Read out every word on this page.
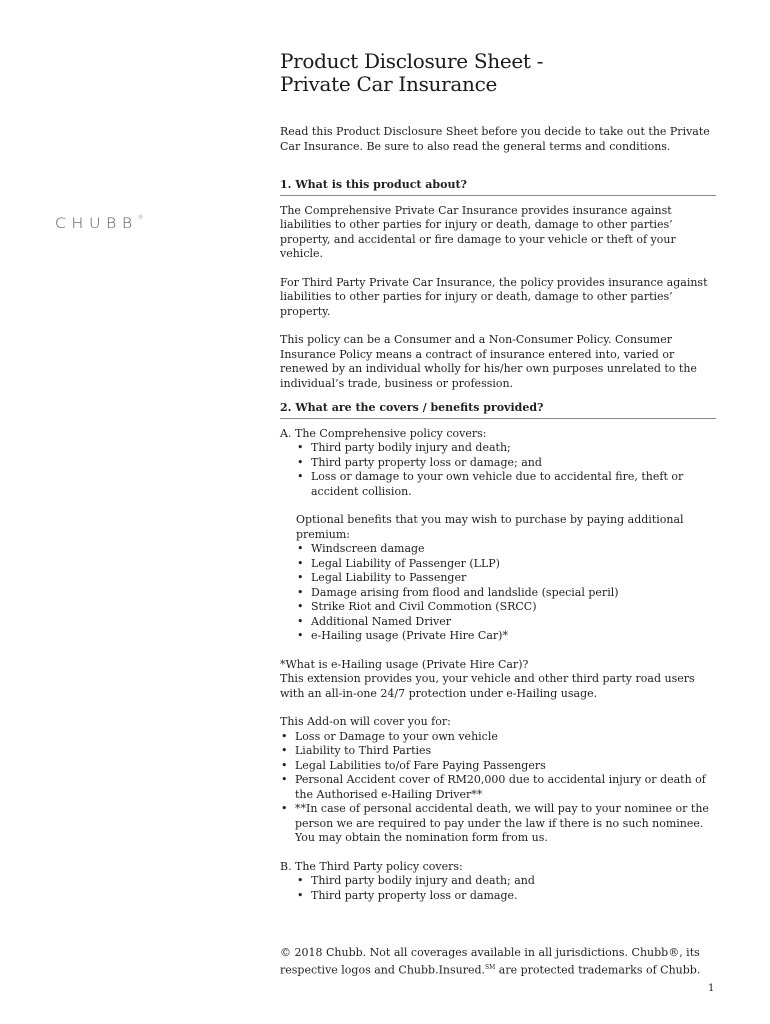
CHUBB®
Product Disclosure Sheet -
Private Car Insurance

Read this Product Disclosure Sheet before you decide to take out the Private Car Insurance. Be sure to also read the general terms and conditions.

1. What is this product about?

The Comprehensive Private Car Insurance provides insurance against liabilities to other parties for injury or death, damage to other parties’ property, and accidental or fire damage to your vehicle or theft of your vehicle.

For Third Party Private Car Insurance, the policy provides insurance against liabilities to other parties for injury or death, damage to other parties’ property.

This policy can be a Consumer and a Non-Consumer Policy. Consumer Insurance Policy means a contract of insurance entered into, varied or renewed by an individual wholly for his/her own purposes unrelated to the individual’s trade, business or profession.

2. What are the covers / benefits provided?
A. The Comprehensive policy covers:
• Third party bodily injury and death;
• Third party property loss or damage; and
• Loss or damage to your own vehicle due to accidental fire, theft or accident collision.

Optional benefits that you may wish to purchase by paying additional premium:

• Windscreen damage
• Legal Liability of Passenger (LLP)
• Legal Liability to Passenger
• Damage arising from flood and landslide (special peril)
• Strike Riot and Civil Commotion (SRCC)
• Additional Named Driver
• e-Hailing usage (Private Hire Car)*

*What is e-Hailing usage (Private Hire Car)?

This extension provides you, your vehicle and other third party road users with an all-in-one 24/7 protection under e-Hailing usage.

This Add-on will cover you for:

• Loss or Damage to your own vehicle
• Liability to Third Parties
• Legal Labilities to/of Fare Paying Passengers
• Personal Accident cover of RM20,000 due to accidental injury or death of the Authorised e-Hailing Driver**
• **In case of personal accidental death, we will pay to your nominee or the person we are required to pay under the law if there is no such nominee. You may obtain the nomination form from us.
B. The Third Party policy covers:
• Third party bodily injury and death; and
• Third party property loss or damage.
© 2018 Chubb. Not all coverages available in all jurisdictions. Chubb®, its
respective logos and Chubb.Insured.℠ are protected trademarks of Chubb.
1
